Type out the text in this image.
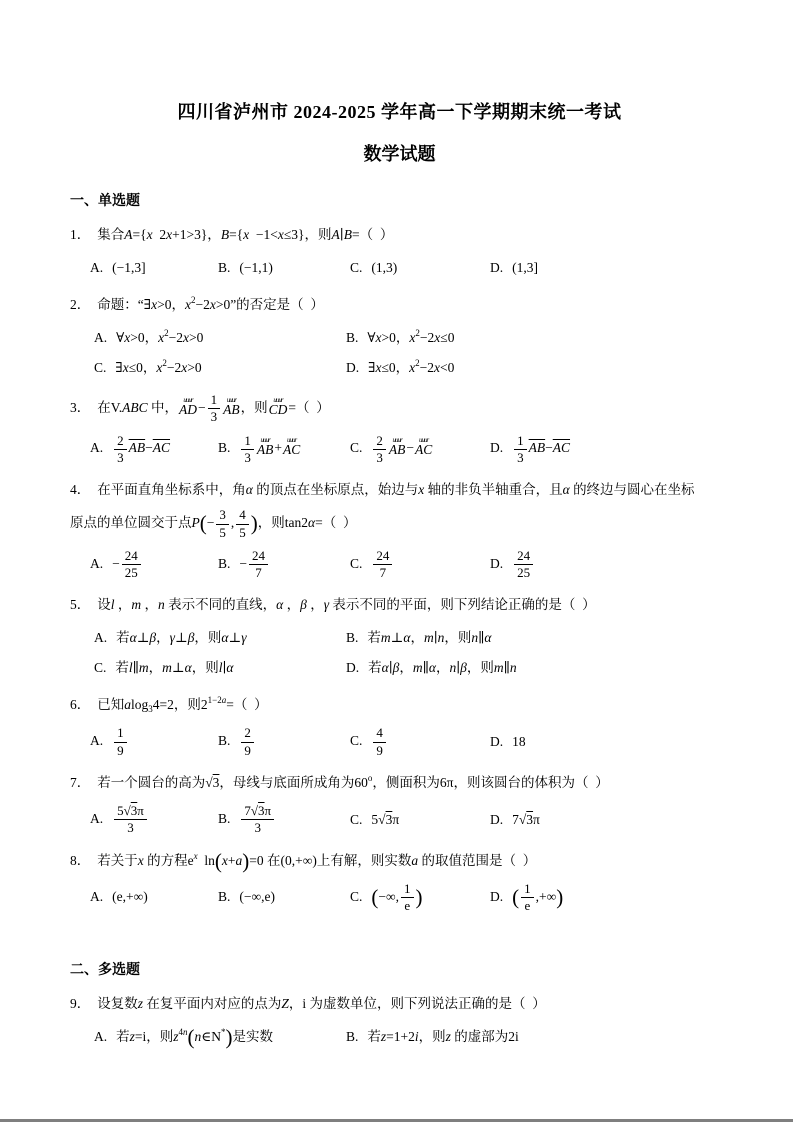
四川省泸州市 2024-2025 学年高一下学期期末统一考试
数学试题
一、单选题
1． 集合A={x  2x+1>3}，B={x  −1<x≤3}，则A∣B=（  ）
A. (−1,3]	B. (−1,1)	C. (1,3)	D. (1,3]
2． 命题：“∃x>0，$x^2-2x>0$”的否定是（  ）
A. ∀x>0，$x^2-2x>0$	B. ∀x>0，$x^2-2x\le 0$
C. ∃x≤0，$x^2-2x>0$	D. ∃x≤0，$x^2-2x<0$
3． 在V.ABC 中， uuur
AD − $\frac{1}{3}$ uuur
AB ，则 uuur
CD =（  ）
A. $\frac{2}{3} \overline{AB}-\overline{AC}$	B. $\frac{1}{3}$ uuur
AB + uuur
AC	C. $\frac{2}{3}$ uuur
AB − uuur
AC	D. $\frac{1}{3} \overline{AB}-\overline{AC}$
4． 在平面直角坐标系中，角α 的顶点在坐标原点，始边与x 轴的非负半轴重合，且α 的终边与圆心在坐标
原点的单位圆交于点$P(- \frac{3}{5}$ , $\frac{4}{5}$ )，则tan2α=（  ）
A. − $\frac{24}{25}$	B. − $\frac{24}{7}$	C. $\frac{24}{7}$	D. $\frac{24}{25}$
5． 设l ，m ，n 表示不同的直线，α ，β ，γ 表示不同的平面，则下列结论正确的是（  ）
A. 若α⊥β，γ⊥β，则α⊥γ	B. 若m⊥α，m∣n，则n∥α
C. 若l∥m，m⊥α，则l∣α	D. 若α∣β，m∥α，n∣β，则m∥n
6． 已知alog$_3$4=2，则$2^{1-2a}=$（  ）
A. $\frac{1}{9}$	B. $\frac{2}{9}$	C. $\frac{4}{9}$	D. 18
7． 若一个圆台的高为√3，母线与底面所成角为60$^o$，侧面积为6π，则该圆台的体积为（  ）
A. $\frac{5√3\pi}{3}$	B. $\frac{7√3\pi}{3}$	C. 5√3π	D. 7√3π
8． 若关于x 的方程$e^x$  ln(x+a)=0 在(0,+∞)上有解，则实数a 的取值范围是（  ）
A. (e,+∞)	B. (−∞,e)	C. (−∞, $\frac{1}{e}$ )	D. ( $\frac{1}{e}$ ,+∞)
二、多选题
9． 设复数z 在复平面内对应的点为Z，i 为虚数单位，则下列说法正确的是（  ）
A. 若z=i，则$z^{4n}(n\in N^*)$是实数	B. 若z=1+2i，则z 的虚部为2i
